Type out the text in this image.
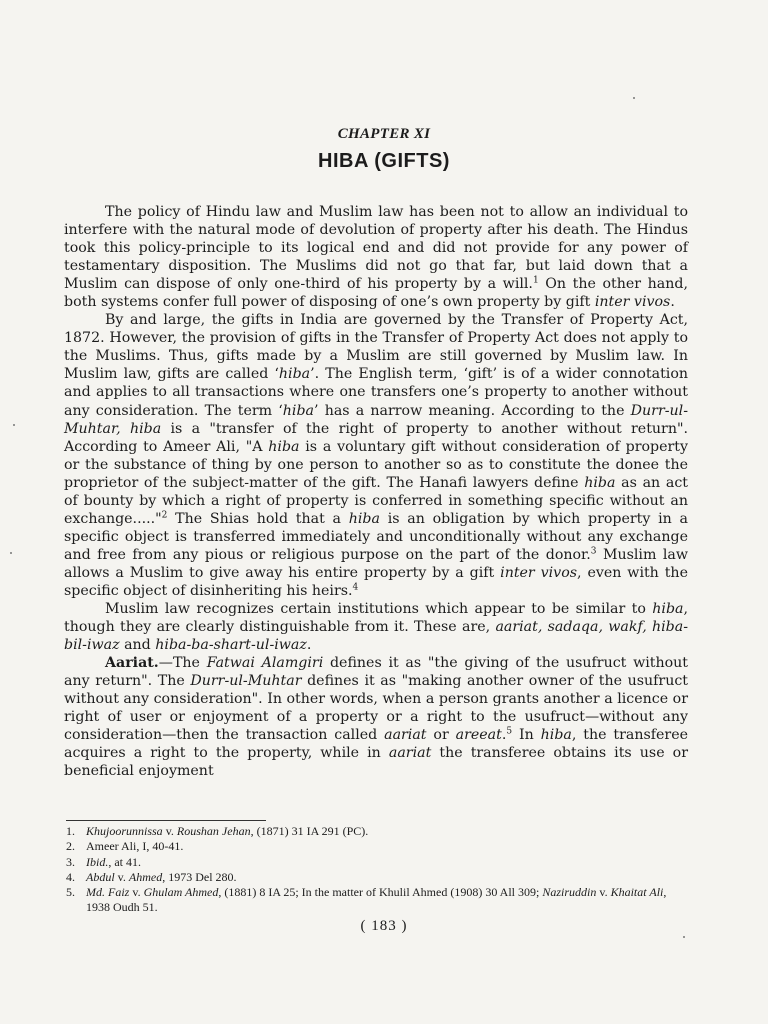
CHAPTER XI
HIBA (GIFTS)

The policy of Hindu law and Muslim law has been not to allow an individual to interfere with the natural mode of devolution of property after his death. The Hindus took this policy-principle to its logical end and did not provide for any power of testamentary disposition. The Muslims did not go that far, but laid down that a Muslim can dispose of only one-third of his property by a will.$^1$ On the other hand, both systems confer full power of disposing of one’s own property by gift inter vivos.

By and large, the gifts in India are governed by the Transfer of Property Act, 1872. However, the provision of gifts in the Transfer of Property Act does not apply to the Muslims. Thus, gifts made by a Muslim are still governed by Muslim law. In Muslim law, gifts are called ‘hiba’. The English term, ‘gift’ is of a wider connotation and applies to all transactions where one transfers one’s property to another without any consideration. The term ‘hiba’ has a narrow meaning. According to the Durr-ul-Muhtar, hiba is a "transfer of the right of property to another without return". According to Ameer Ali, "A hiba is a voluntary gift without consideration of property or the substance of thing by one person to another so as to constitute the donee the proprietor of the subject-matter of the gift. The Hanafi lawyers define hiba as an act of bounty by which a right of property is conferred in something specific without an exchange....."$^2$ The Shias hold that a hiba is an obligation by which property in a specific object is transferred immediately and unconditionally without any exchange and free from any pious or religious purpose on the part of the donor.$^3$ Muslim law allows a Muslim to give away his entire property by a gift inter vivos, even with the specific object of disinheriting his heirs.$^4$

Muslim law recognizes certain institutions which appear to be similar to hiba, though they are clearly distinguishable from it. These are, aariat, sadaqa, wakf, hiba-bil-iwaz and hiba-ba-shart-ul-iwaz.

Aariat.—The Fatwai Alamgiri defines it as "the giving of the usufruct without any return". The Durr-ul-Muhtar defines it as "making another owner of the usufruct without any consideration". In other words, when a person grants another a licence or right of user or enjoyment of a property or a right to the usufruct—without any consideration—then the transaction called aariat or areeat.$^5$ In hiba, the transferee acquires a right to the property, while in aariat the transferee obtains its use or beneficial enjoyment

1. Khujoorunnissa v. Roushan Jehan, (1871) 31 IA 291 (PC).
2. Ameer Ali, I, 40-41.
3. Ibid., at 41.
4. Abdul v. Ahmed, 1973 Del 280.
5. Md. Faiz v. Ghulam Ahmed, (1881) 8 IA 25; In the matter of Khulil Ahmed (1908) 30 All 309; Naziruddin v. Khaitat Ali, 1938 Oudh 51.
( 183 )
